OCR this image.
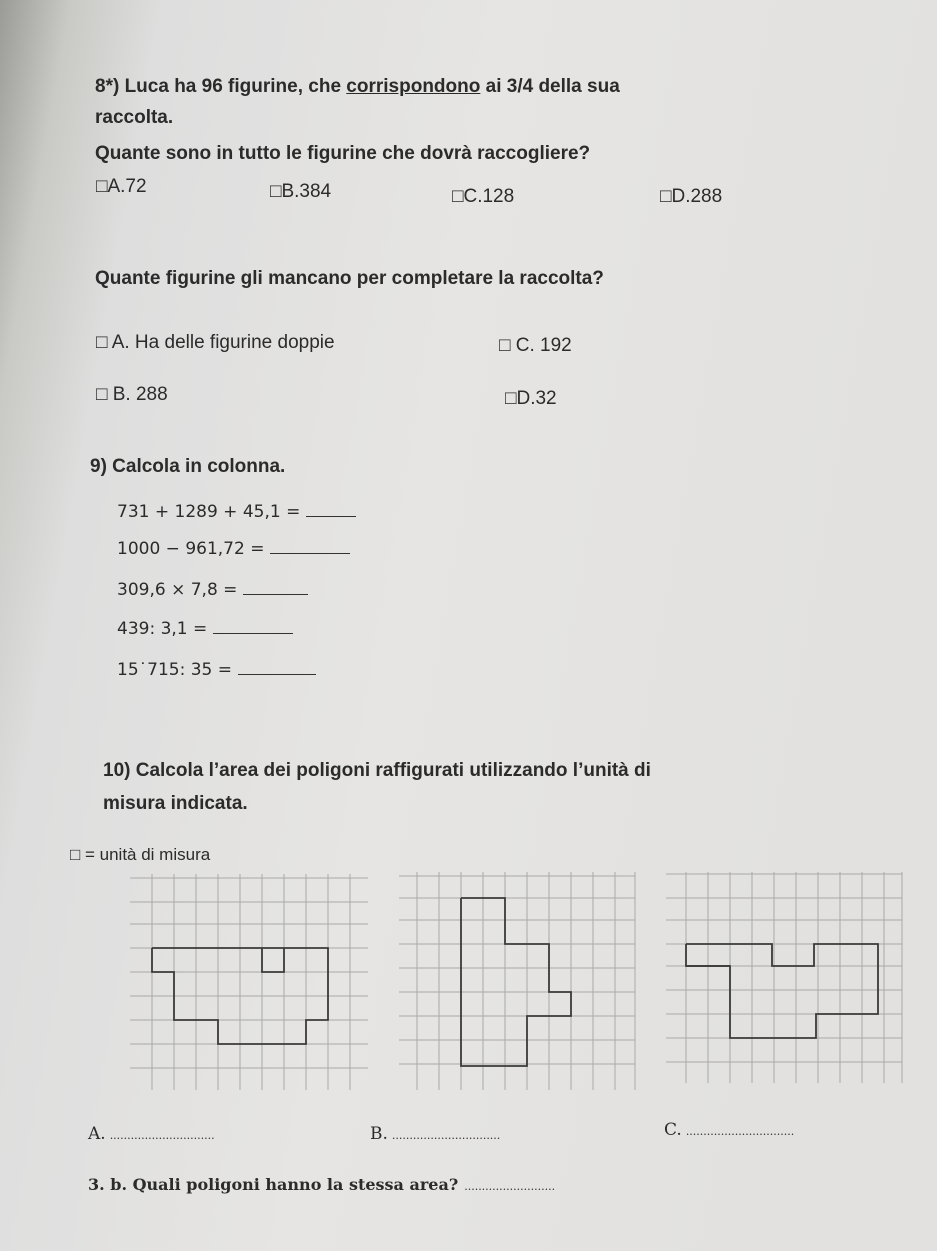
8*) Luca ha 96 figurine, che corrispondono ai 3/4 della sua
raccolta.
Quante sono in tutto le figurine che dovrà raccogliere?
□A.72	□B.384	□C.128	□D.288
Quante figurine gli mancano per completare la raccolta?
□ A. Ha delle figurine doppie	□ C. 192
□ B. 288	□D.32
9) Calcola in colonna.
731 + 1289 + 45,1 =
1000 − 961,72 =
309,6 × 7,8 =
439: 3,1 =
15˙715: 35 =
10) Calcola l’area dei poligoni raffigurati utilizzando l’unità di
misura indicata.
□ = unità di misura
A. ..............................	B. ...............................	C. ...............................
3. b. Quali poligoni hanno la stessa area? ..........................
